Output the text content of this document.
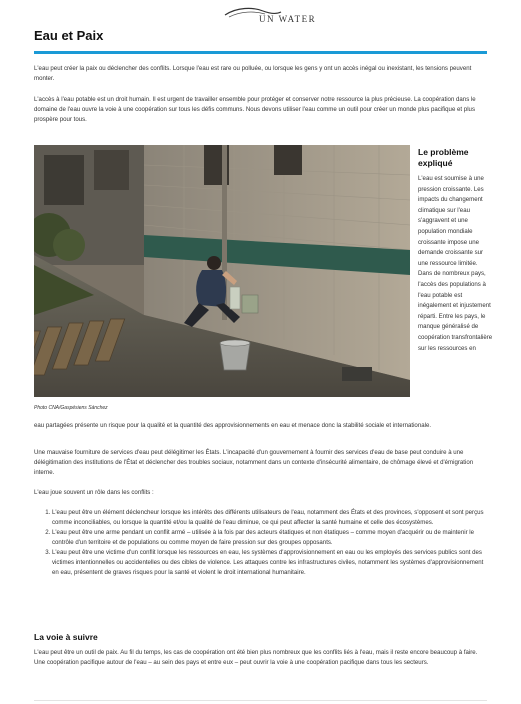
UN WATER
Eau et Paix

L'eau peut créer la paix ou déclencher des conflits. Lorsque l'eau est rare ou polluée, ou lorsque les gens y ont un accès inégal ou inexistant, les tensions peuvent monter.

L'accès à l'eau potable est un droit humain. Il est urgent de travailler ensemble pour protéger et conserver notre ressource la plus précieuse. La coopération dans le domaine de l'eau ouvre la voie à une coopération sur tous les défis communs. Nous devons utiliser l'eau comme un outil pour créer un monde plus pacifique et plus prospère pour tous.

Photo CNA/Gaspésiens Sánchez
Le problème expliqué

L'eau est soumise à une pression croissante. Les impacts du changement climatique sur l'eau s'aggravent et une population mondiale croissante impose une demande croissante sur une ressource limitée. Dans de nombreux pays, l'accès des populations à l'eau potable est inégalement et injustement réparti. Entre les pays, le manque généralisé de coopération transfrontalière sur les ressources en

eau partagées présente un risque pour la qualité et la quantité des approvisionnements en eau et menace donc la stabilité sociale et internationale.

Une mauvaise fourniture de services d'eau peut délégitimer les États. L'incapacité d'un gouvernement à fournir des services d'eau de base peut conduire à une délégitimation des institutions de l'État et déclencher des troubles sociaux, notamment dans un contexte d'insécurité alimentaire, de chômage élevé et d'émigration interne.

L'eau joue souvent un rôle dans les conflits :

1. L'eau peut être un élément déclencheur lorsque les intérêts des différents utilisateurs de l'eau, notamment des États et des provinces, s'opposent et sont perçus comme inconciliables, ou lorsque la quantité et/ou la qualité de l'eau diminue, ce qui peut affecter la santé humaine et celle des écosystèmes.
2. L'eau peut être une arme pendant un conflit armé – utilisée à la fois par des acteurs étatiques et non étatiques – comme moyen d'acquérir ou de maintenir le contrôle d'un territoire et de populations ou comme moyen de faire pression sur des groupes opposants.
3. L'eau peut être une victime d'un conflit lorsque les ressources en eau, les systèmes d'approvisionnement en eau ou les employés des services publics sont des victimes intentionnelles ou accidentelles ou des cibles de violence. Les attaques contre les infrastructures civiles, notamment les systèmes d'approvisionnement en eau, présentent de graves risques pour la santé et violent le droit international humanitaire.
La voie à suivre

L'eau peut être un outil de paix. Au fil du temps, les cas de coopération ont été bien plus nombreux que les conflits liés à l'eau, mais il reste encore beaucoup à faire. Une coopération pacifique autour de l'eau – au sein des pays et entre eux – peut ouvrir la voie à une coopération pacifique dans tous les secteurs.
